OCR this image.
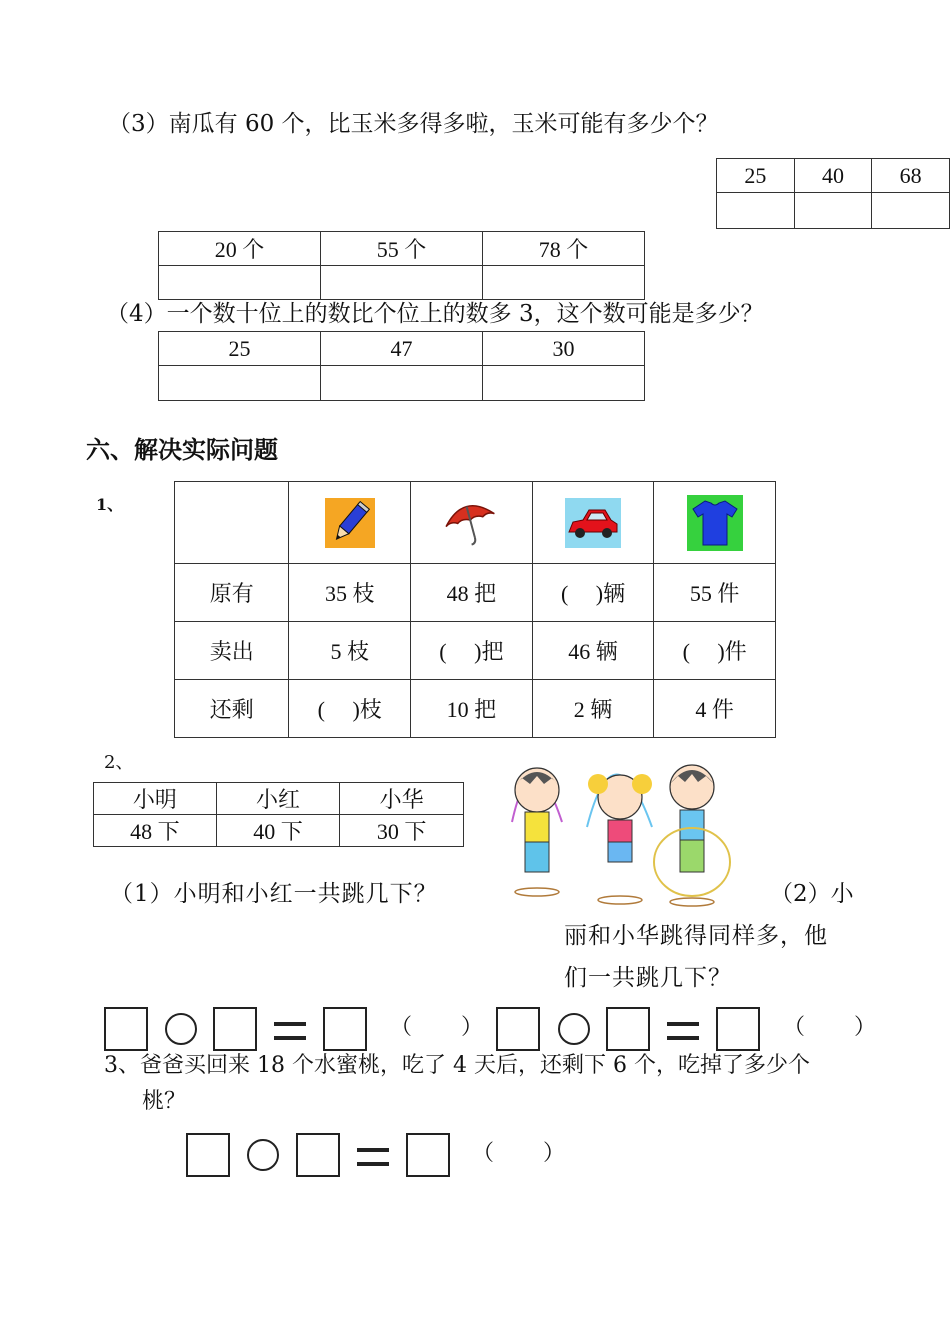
（3）南瓜有 60 个，比玉米多得多啦，玉米可能有多少个？
25	40	68

20 个	55 个	78 个

（4）一个数十位上的数比个位上的数多 3，这个数可能是多少？
25	47	30

六、解决实际问题
1、

原有	35 枝	48 把	(     )辆	55 件
卖出	5 枝	(     )把	46 辆	(     )件
还剩	(     )枝	10 把	2 辆	4 件
2、
小明	小红	小华
48 下	40 下	30 下
（1）小明和小红一共跳几下？	（2）小
丽和小华跳得同样多，他
们一共跳几下？
（       ）	（       ）
3、爸爸买回来 18 个水蜜桃，吃了 4 天后，还剩下 6 个，吃掉了多少个
桃？
（       ）
